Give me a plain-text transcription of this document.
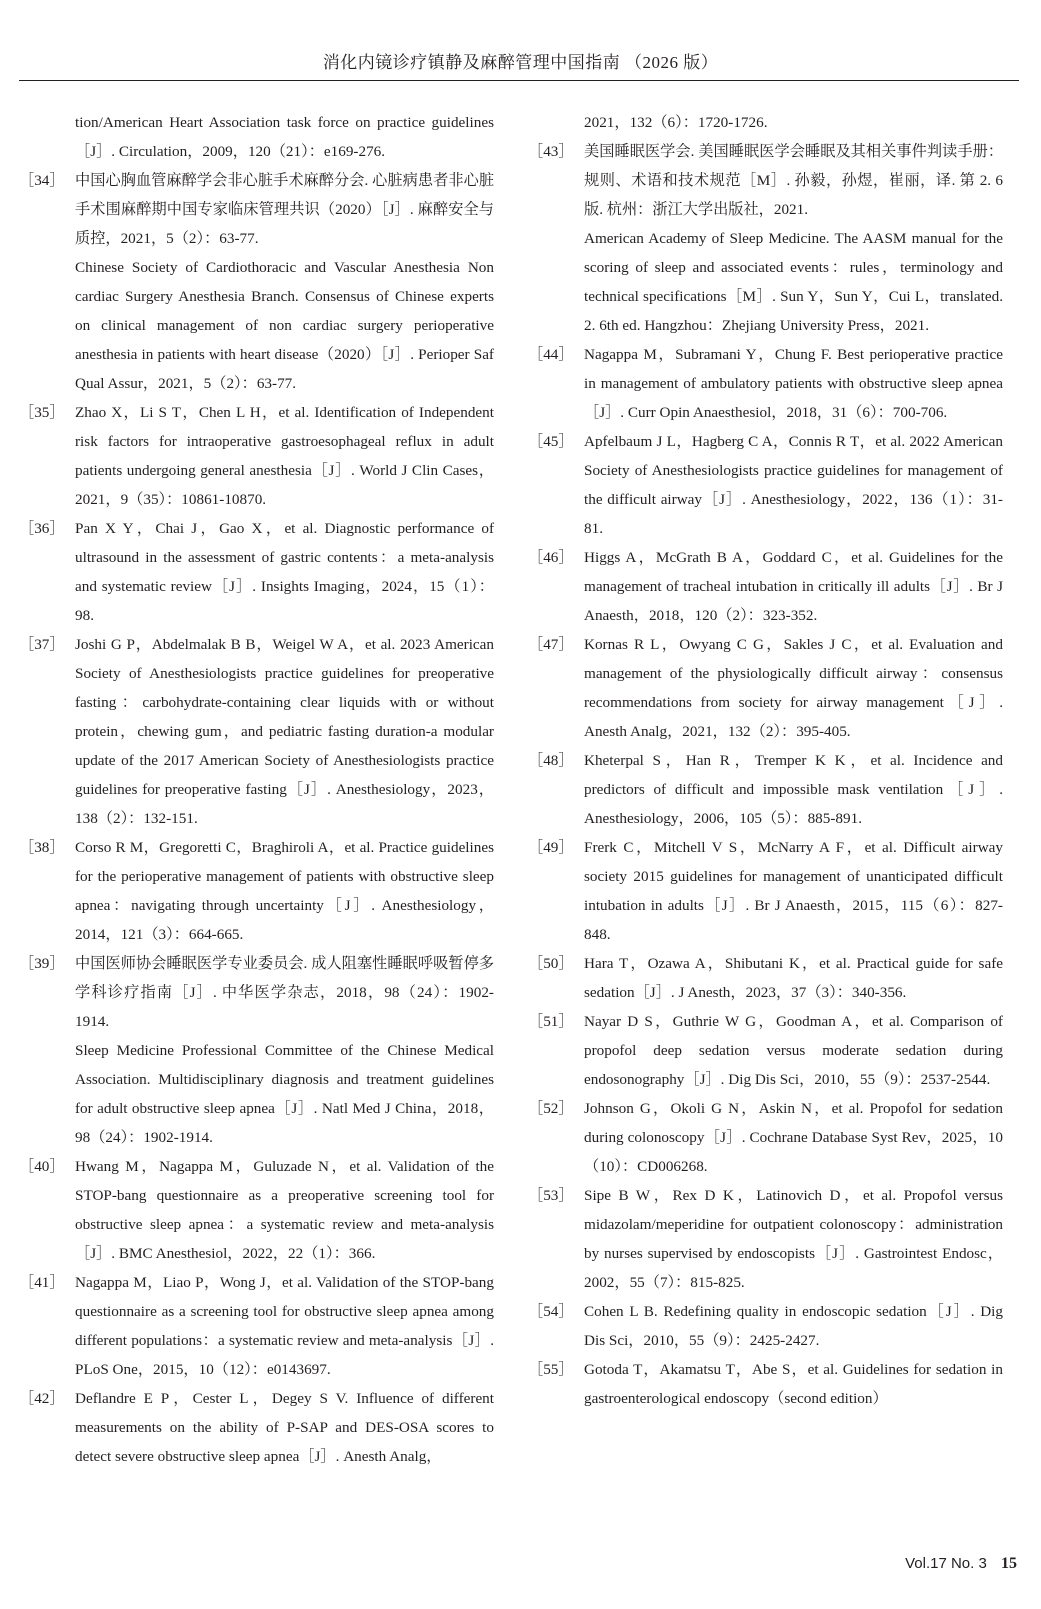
消化内镜诊疗镇静及麻醉管理中国指南 （2026 版）
tion/American Heart Association task force on practice guidelines［J］. Circulation，2009，120（21）：e169-276.
［34］ 中国心胸血管麻醉学会非心脏手术麻醉分会. 心脏病患者非心脏手术围麻醉期中国专家临床管理共识（2020）［J］. 麻醉安全与质控，2021，5（2）：63-77.
Chinese Society of Cardiothoracic and Vascular Anesthesia Non cardiac Surgery Anesthesia Branch. Consensus of Chinese experts on clinical management of non cardiac surgery perioperative anesthesia in patients with heart disease（2020）［J］. Perioper Saf Qual Assur，2021，5（2）：63-77.
［35］ Zhao X，Li S T，Chen L H，et al. Identification of Independent risk factors for intraoperative gastroesophageal reflux in adult patients undergoing general anesthesia［J］. World J Clin Cases，2021，9（35）：10861-10870.
［36］ Pan X Y，Chai J，Gao X，et al. Diagnostic performance of ultrasound in the assessment of gastric contents：a meta-analysis and systematic review［J］. Insights Imaging，2024，15（1）：98.
［37］ Joshi G P，Abdelmalak B B，Weigel W A，et al. 2023 American Society of Anesthesiologists practice guidelines for preoperative fasting：carbohydrate-containing clear liquids with or without protein，chewing gum，and pediatric fasting duration-a modular update of the 2017 American Society of Anesthesiologists practice guidelines for preoperative fasting［J］. Anesthesiology，2023，138（2）：132-151.
［38］ Corso R M，Gregoretti C，Braghiroli A，et al. Practice guidelines for the perioperative management of patients with obstructive sleep apnea：navigating through uncertainty［J］. Anesthesiology，2014，121（3）：664-665.
［39］ 中国医师协会睡眠医学专业委员会. 成人阻塞性睡眠呼吸暂停多学科诊疗指南［J］. 中华医学杂志，2018，98（24）：1902-1914.
Sleep Medicine Professional Committee of the Chinese Medical Association. Multidisciplinary diagnosis and treatment guidelines for adult obstructive sleep apnea［J］. Natl Med J China，2018，98（24）：1902-1914.
［40］ Hwang M，Nagappa M，Guluzade N，et al. Validation of the STOP-bang questionnaire as a preoperative screening tool for obstructive sleep apnea：a systematic review and meta-analysis［J］. BMC Anesthesiol，2022，22（1）：366.
［41］ Nagappa M，Liao P，Wong J，et al. Validation of the STOP-bang questionnaire as a screening tool for obstructive sleep apnea among different populations：a systematic review and meta-analysis［J］. PLoS One，2015，10（12）：e0143697.
［42］ Deflandre E P，Cester L，Degey S V. Influence of different measurements on the ability of P-SAP and DES-OSA scores to detect severe obstructive sleep apnea［J］. Anesth Analg，
2021，132（6）：1720-1726.
［43］ 美国睡眠医学会. 美国睡眠医学会睡眠及其相关事件判读手册：规则、术语和技术规范［M］. 孙毅，孙煜，崔丽，译. 第 2. 6 版. 杭州：浙江大学出版社，2021.
American Academy of Sleep Medicine. The AASM manual for the scoring of sleep and associated events：rules，terminology and technical specifications［M］. Sun Y，Sun Y，Cui L，translated. 2. 6th ed. Hangzhou：Zhejiang University Press，2021.
［44］ Nagappa M，Subramani Y，Chung F. Best perioperative practice in management of ambulatory patients with obstructive sleep apnea［J］. Curr Opin Anaesthesiol，2018，31（6）：700-706.
［45］ Apfelbaum J L，Hagberg C A，Connis R T，et al. 2022 American Society of Anesthesiologists practice guidelines for management of the difficult airway［J］. Anesthesiology，2022，136（1）：31-81.
［46］ Higgs A，McGrath B A，Goddard C，et al. Guidelines for the management of tracheal intubation in critically ill adults［J］. Br J Anaesth，2018，120（2）：323-352.
［47］ Kornas R L，Owyang C G，Sakles J C，et al. Evaluation and management of the physiologically difficult airway：consensus recommendations from society for airway management［J］. Anesth Analg，2021，132（2）：395-405.
［48］ Kheterpal S，Han R，Tremper K K，et al. Incidence and predictors of difficult and impossible mask ventilation［J］. Anesthesiology，2006，105（5）：885-891.
［49］ Frerk C，Mitchell V S，McNarry A F，et al. Difficult airway society 2015 guidelines for management of unanticipated difficult intubation in adults［J］. Br J Anaesth，2015，115（6）：827-848.
［50］ Hara T，Ozawa A，Shibutani K，et al. Practical guide for safe sedation［J］. J Anesth，2023，37（3）：340-356.
［51］ Nayar D S，Guthrie W G，Goodman A，et al. Comparison of propofol deep sedation versus moderate sedation during endosonography［J］. Dig Dis Sci，2010，55（9）：2537-2544.
［52］ Johnson G，Okoli G N，Askin N，et al. Propofol for sedation during colonoscopy［J］. Cochrane Database Syst Rev，2025，10（10）：CD006268.
［53］ Sipe B W，Rex D K，Latinovich D，et al. Propofol versus midazolam/meperidine for outpatient colonoscopy：administration by nurses supervised by endoscopists［J］. Gastrointest Endosc，2002，55（7）：815-825.
［54］ Cohen L B. Redefining quality in endoscopic sedation［J］. Dig Dis Sci，2010，55（9）：2425-2427.
［55］ Gotoda T，Akamatsu T，Abe S，et al. Guidelines for sedation in gastroenterological endoscopy（second edition）
Vol.17 No. 3 15
